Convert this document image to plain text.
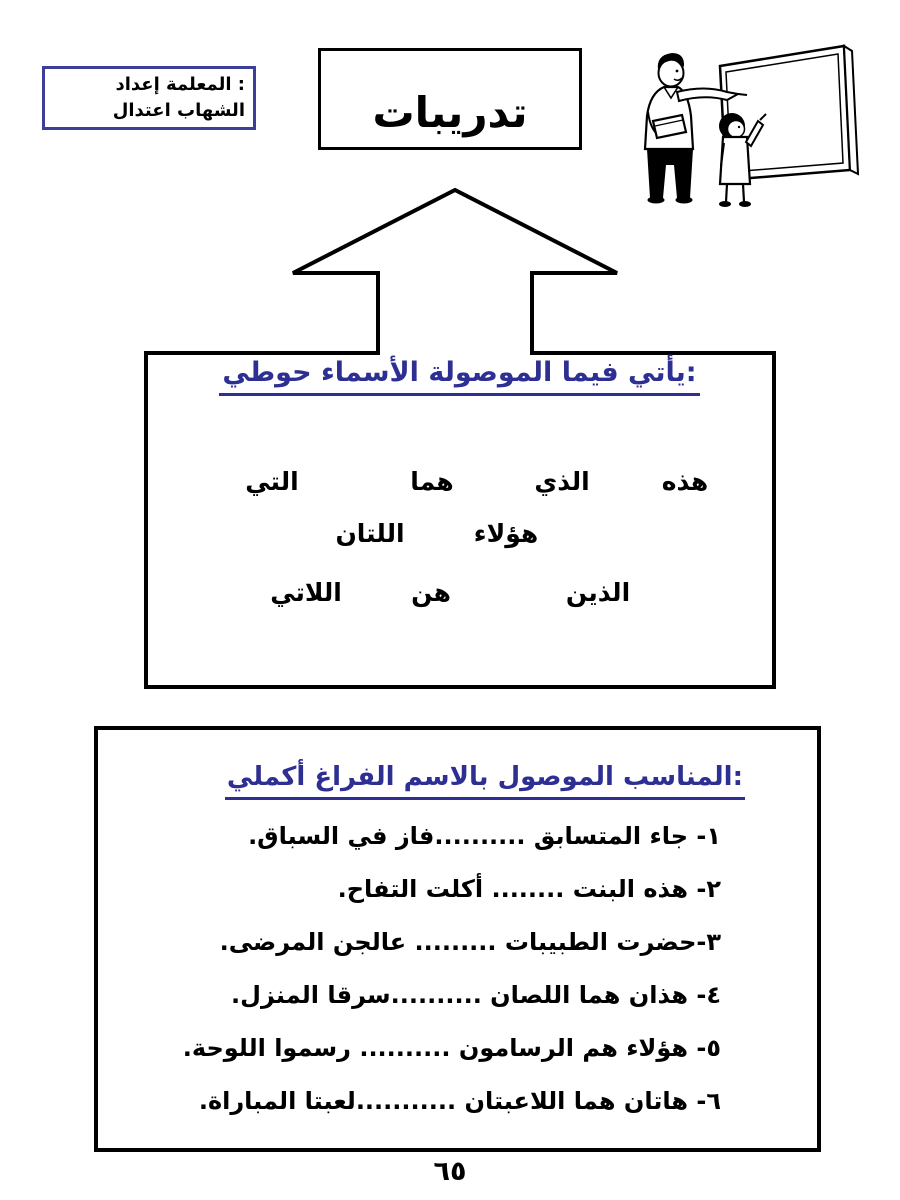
إعداد المعلمة :
اعتدال الشهاب	تدريبات
حوطي الأسماء الموصولة فيما يأتي:
هذه
الذي
هما
التي
هؤلاء
اللتان
الذين
هن
اللاتي
أكملي الفراغ بالاسم الموصول المناسب:
١- جاء المتسابق ..........فاز في السباق.
٢- هذه البنت ........ أكلت التفاح.
٣-حضرت الطبيبات ......... عالجن المرضى.
٤- هذان هما اللصان ..........سرقا المنزل.
٥- هؤلاء هم الرسامون .......... رسموا اللوحة.
٦- هاتان هما اللاعبتان ...........لعبتا المباراة.
٦٥
